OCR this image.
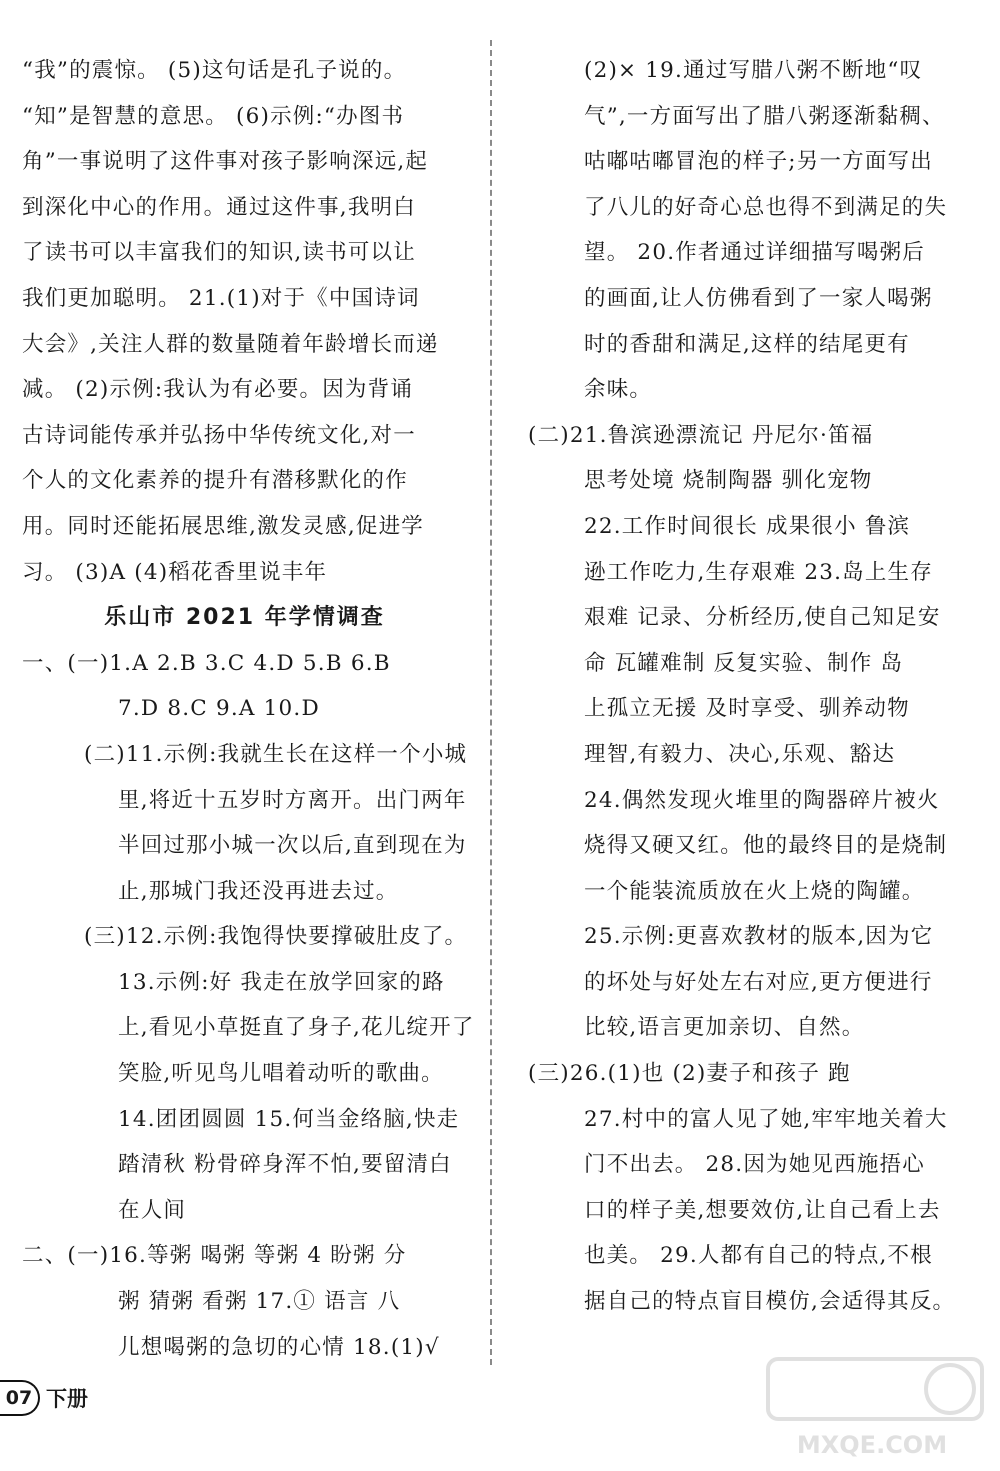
“我”的震惊。 (5)这句话是孔子说的。
“知”是智慧的意思。 (6)示例:“办图书
角”一事说明了这件事对孩子影响深远,起
到深化中心的作用。通过这件事,我明白
了读书可以丰富我们的知识,读书可以让
我们更加聪明。 21.(1)对于《中国诗词
大会》,关注人群的数量随着年龄增长而递
减。 (2)示例:我认为有必要。因为背诵
古诗词能传承并弘扬中华传统文化,对一
个人的文化素养的提升有潜移默化的作
用。同时还能拓展思维,激发灵感,促进学
习。 (3)A (4)稻花香里说丰年
乐山市 2021 年学情调查
一、(一)1.A 2.B 3.C 4.D 5.B 6.B
7.D 8.C 9.A 10.D
(二)11.示例:我就生长在这样一个小城
里,将近十五岁时方离开。出门两年
半回过那小城一次以后,直到现在为
止,那城门我还没再进去过。
(三)12.示例:我饱得快要撑破肚皮了。
13.示例:好 我走在放学回家的路
上,看见小草挺直了身子,花儿绽开了
笑脸,听见鸟儿唱着动听的歌曲。
14.团团圆圆 15.何当金络脑,快走
踏清秋 粉骨碎身浑不怕,要留清白
在人间
二、(一)16.等粥 喝粥 等粥 4 盼粥 分
粥 猜粥 看粥 17.① 语言 八
儿想喝粥的急切的心情 18.(1)√
(2)× 19.通过写腊八粥不断地“叹
气”,一方面写出了腊八粥逐渐黏稠、
咕嘟咕嘟冒泡的样子;另一方面写出
了八儿的好奇心总也得不到满足的失
望。 20.作者通过详细描写喝粥后
的画面,让人仿佛看到了一家人喝粥
时的香甜和满足,这样的结尾更有
余味。
(二)21.鲁滨逊漂流记 丹尼尔·笛福
思考处境 烧制陶器 驯化宠物
22.工作时间很长 成果很小 鲁滨
逊工作吃力,生存艰难 23.岛上生存
艰难 记录、分析经历,使自己知足安
命 瓦罐难制 反复实验、制作 岛
上孤立无援 及时享受、驯养动物
理智,有毅力、决心,乐观、豁达
24.偶然发现火堆里的陶器碎片被火
烧得又硬又红。他的最终目的是烧制
一个能装流质放在火上烧的陶罐。
25.示例:更喜欢教材的版本,因为它
的坏处与好处左右对应,更方便进行
比较,语言更加亲切、自然。
(三)26.(1)也 (2)妻子和孩子 跑
27.村中的富人见了她,牢牢地关着大
门不出去。 28.因为她见西施捂心
口的样子美,想要效仿,让自己看上去
也美。 29.人都有自己的特点,不根
据自己的特点盲目模仿,会适得其反。
07 下册
MXQE.COM
